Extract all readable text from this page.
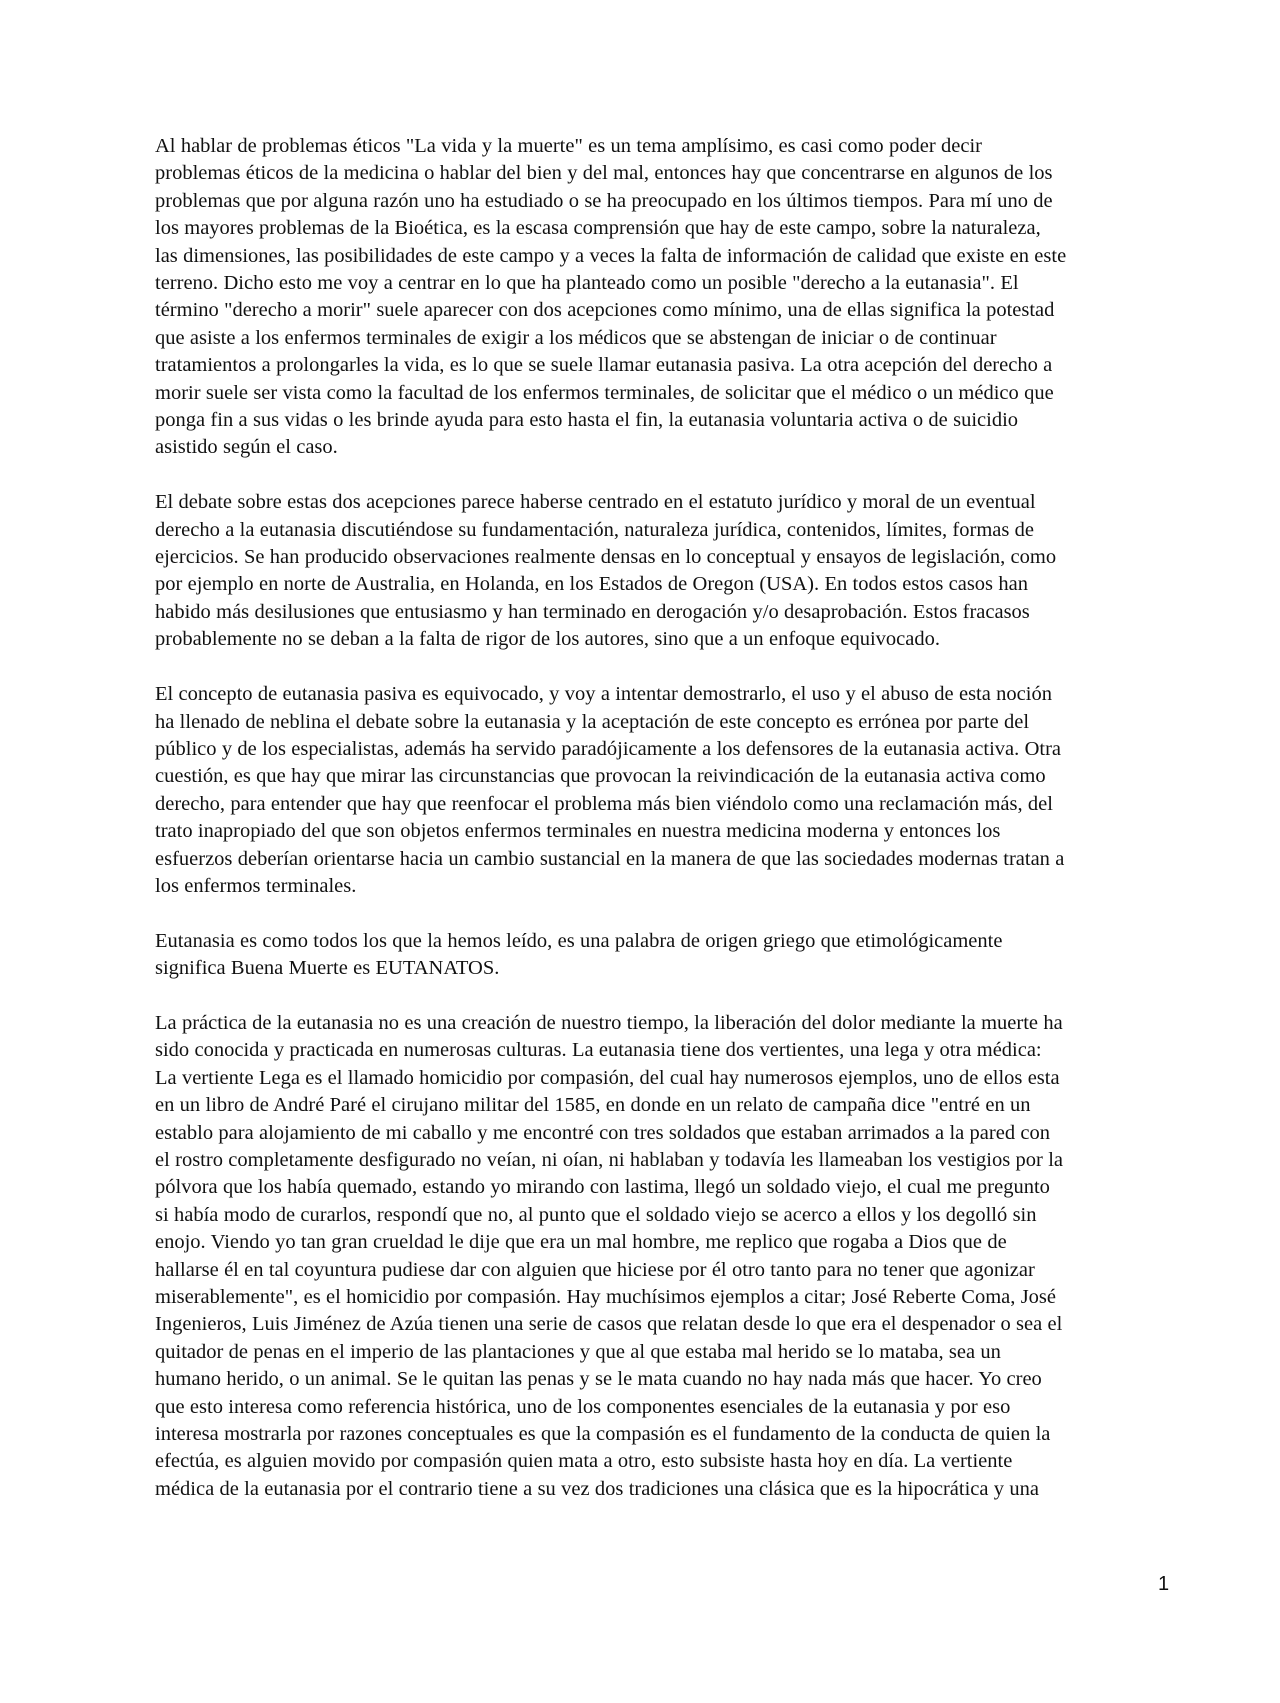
Al hablar de problemas éticos "La vida y la muerte" es un tema amplísimo, es casi como poder decir
problemas éticos de la medicina o hablar del bien y del mal, entonces hay que concentrarse en algunos de los
problemas que por alguna razón uno ha estudiado o se ha preocupado en los últimos tiempos. Para mí uno de
los mayores problemas de la Bioética, es la escasa comprensión que hay de este campo, sobre la naturaleza,
las dimensiones, las posibilidades de este campo y a veces la falta de información de calidad que existe en este
terreno. Dicho esto me voy a centrar en lo que ha planteado como un posible "derecho a la eutanasia". El
término "derecho a morir" suele aparecer con dos acepciones como mínimo, una de ellas significa la potestad
que asiste a los enfermos terminales de exigir a los médicos que se abstengan de iniciar o de continuar
tratamientos a prolongarles la vida, es lo que se suele llamar eutanasia pasiva. La otra acepción del derecho a
morir suele ser vista como la facultad de los enfermos terminales, de solicitar que el médico o un médico que
ponga fin a sus vidas o les brinde ayuda para esto hasta el fin, la eutanasia voluntaria activa o de suicidio
asistido según el caso.

El debate sobre estas dos acepciones parece haberse centrado en el estatuto jurídico y moral de un eventual
derecho a la eutanasia discutiéndose su fundamentación, naturaleza jurídica, contenidos, límites, formas de
ejercicios. Se han producido observaciones realmente densas en lo conceptual y ensayos de legislación, como
por ejemplo en norte de Australia, en Holanda, en los Estados de Oregon (USA). En todos estos casos han
habido más desilusiones que entusiasmo y han terminado en derogación y/o desaprobación. Estos fracasos
probablemente no se deban a la falta de rigor de los autores, sino que a un enfoque equivocado.

El concepto de eutanasia pasiva es equivocado, y voy a intentar demostrarlo, el uso y el abuso de esta noción
ha llenado de neblina el debate sobre la eutanasia y la aceptación de este concepto es errónea por parte del
público y de los especialistas, además ha servido paradójicamente a los defensores de la eutanasia activa. Otra
cuestión, es que hay que mirar las circunstancias que provocan la reivindicación de la eutanasia activa como
derecho, para entender que hay que reenfocar el problema más bien viéndolo como una reclamación más, del
trato inapropiado del que son objetos enfermos terminales en nuestra medicina moderna y entonces los
esfuerzos deberían orientarse hacia un cambio sustancial en la manera de que las sociedades modernas tratan a
los enfermos terminales.

Eutanasia es como todos los que la hemos leído, es una palabra de origen griego que etimológicamente
significa Buena Muerte es EUTANATOS.

La práctica de la eutanasia no es una creación de nuestro tiempo, la liberación del dolor mediante la muerte ha
sido conocida y practicada en numerosas culturas. La eutanasia tiene dos vertientes, una lega y otra médica:
La vertiente Lega es el llamado homicidio por compasión, del cual hay numerosos ejemplos, uno de ellos esta
en un libro de André Paré el cirujano militar del 1585, en donde en un relato de campaña dice "entré en un
establo para alojamiento de mi caballo y me encontré con tres soldados que estaban arrimados a la pared con
el rostro completamente desfigurado no veían, ni oían, ni hablaban y todavía les llameaban los vestigios por la
pólvora que los había quemado, estando yo mirando con lastima, llegó un soldado viejo, el cual me pregunto
si había modo de curarlos, respondí que no, al punto que el soldado viejo se acerco a ellos y los degolló sin
enojo. Viendo yo tan gran crueldad le dije que era un mal hombre, me replico que rogaba a Dios que de
hallarse él en tal coyuntura pudiese dar con alguien que hiciese por él otro tanto para no tener que agonizar
miserablemente", es el homicidio por compasión. Hay muchísimos ejemplos a citar; José Reberte Coma, José
Ingenieros, Luis Jiménez de Azúa tienen una serie de casos que relatan desde lo que era el despenador o sea el
quitador de penas en el imperio de las plantaciones y que al que estaba mal herido se lo mataba, sea un
humano herido, o un animal. Se le quitan las penas y se le mata cuando no hay nada más que hacer. Yo creo
que esto interesa como referencia histórica, uno de los componentes esenciales de la eutanasia y por eso
interesa mostrarla por razones conceptuales es que la compasión es el fundamento de la conducta de quien la
efectúa, es alguien movido por compasión quien mata a otro, esto subsiste hasta hoy en día. La vertiente
médica de la eutanasia por el contrario tiene a su vez dos tradiciones una clásica que es la hipocrática y una

1
